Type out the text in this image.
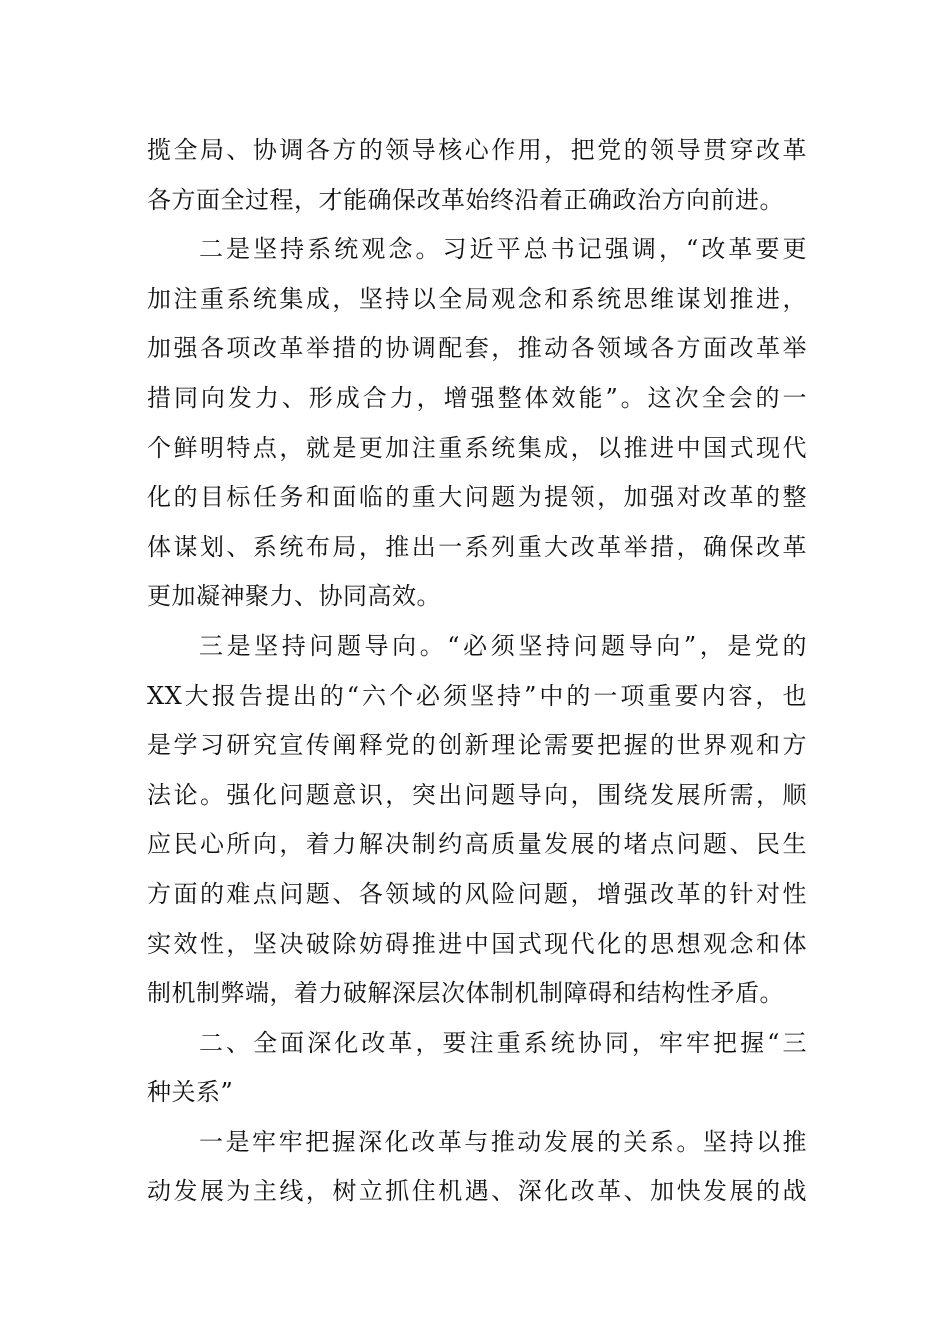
揽全局、协调各方的领导核心作用，把党的领导贯穿改革
各方面全过程，才能确保改革始终沿着正确政治方向前进。
二是坚持系统观念。习近平总书记强调，“改革要更
加注重系统集成，坚持以全局观念和系统思维谋划推进，
加强各项改革举措的协调配套，推动各领域各方面改革举
措同向发力、形成合力，增强整体效能”。这次全会的一
个鲜明特点，就是更加注重系统集成，以推进中国式现代
化的目标任务和面临的重大问题为提领，加强对改革的整
体谋划、系统布局，推出一系列重大改革举措，确保改革
更加凝神聚力、协同高效。
三是坚持问题导向。“必须坚持问题导向”，是党的
XX大报告提出的“六个必须坚持”中的一项重要内容，也
是学习研究宣传阐释党的创新理论需要把握的世界观和方
法论。强化问题意识，突出问题导向，围绕发展所需，顺
应民心所向，着力解决制约高质量发展的堵点问题、民生
方面的难点问题、各领域的风险问题，增强改革的针对性
实效性，坚决破除妨碍推进中国式现代化的思想观念和体
制机制弊端，着力破解深层次体制机制障碍和结构性矛盾。
二、全面深化改革，要注重系统协同，牢牢把握“三
种关系”
一是牢牢把握深化改革与推动发展的关系。坚持以推
动发展为主线，树立抓住机遇、深化改革、加快发展的战
